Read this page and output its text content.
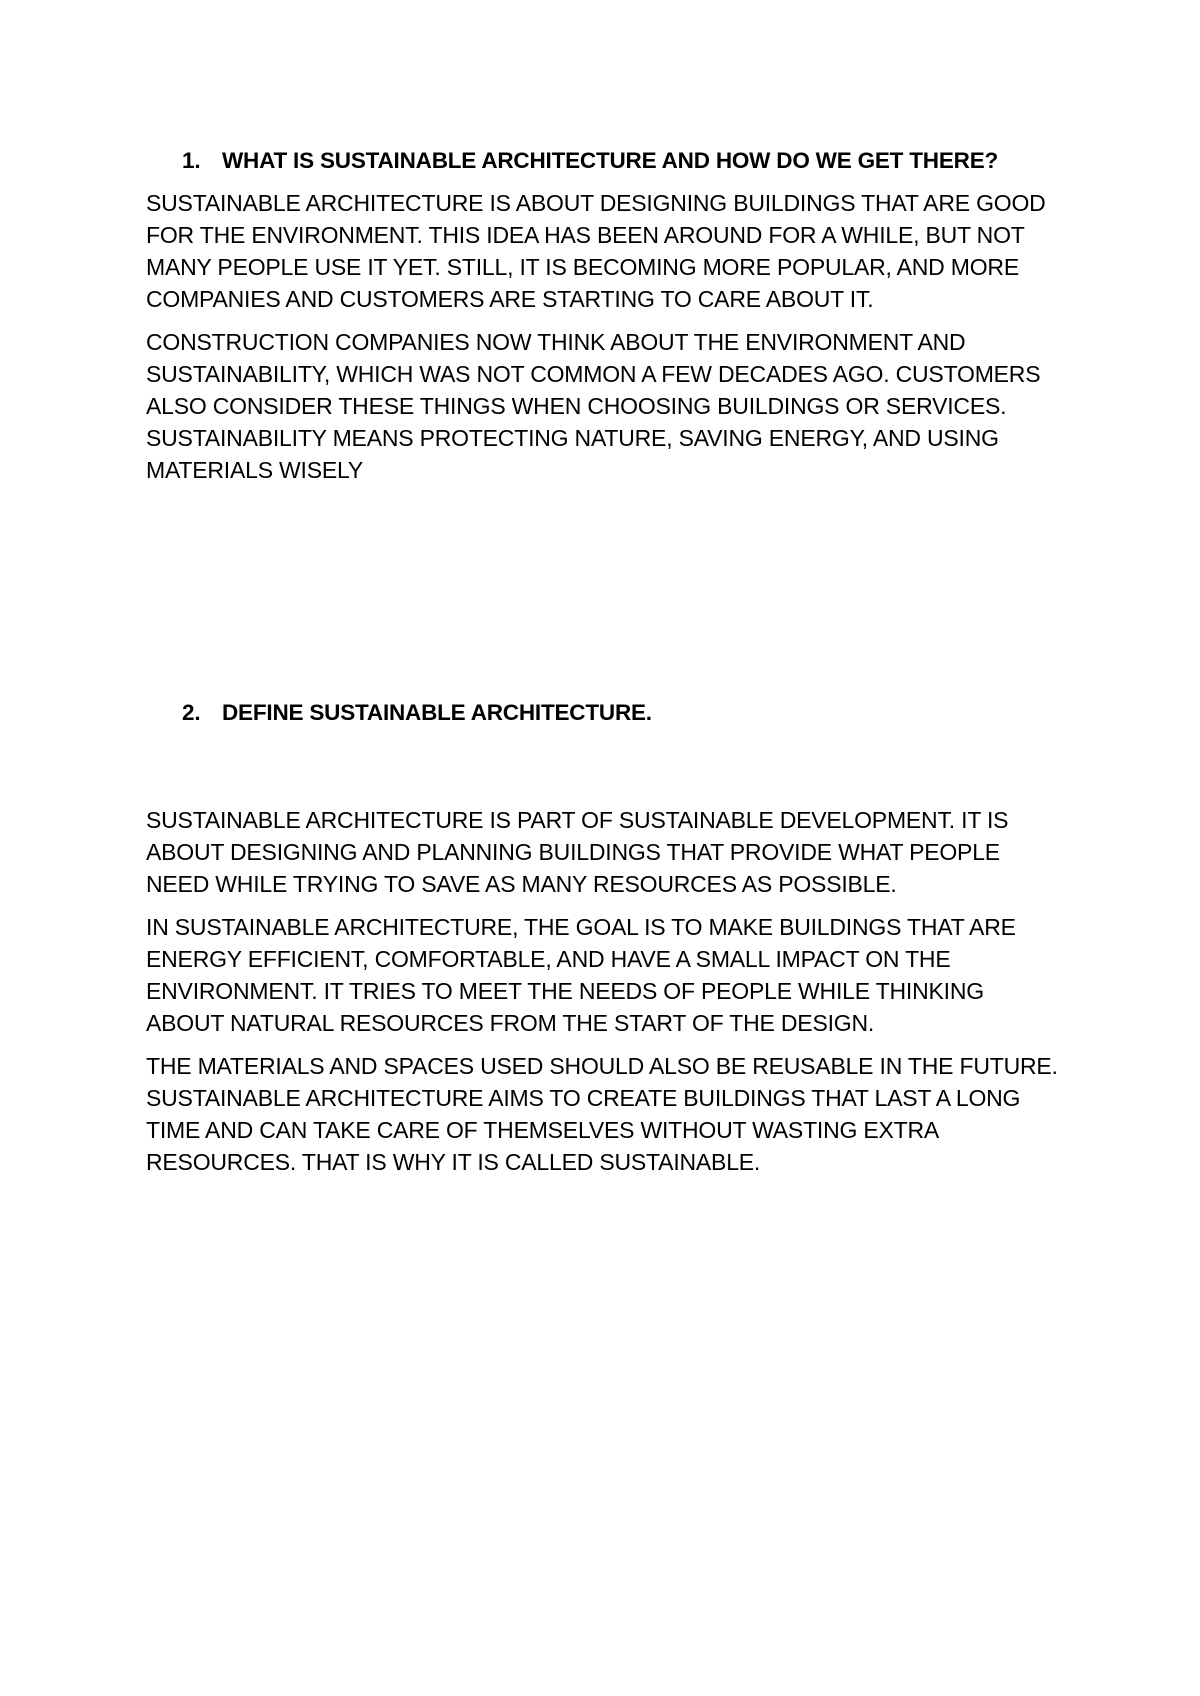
1. WHAT IS SUSTAINABLE ARCHITECTURE AND HOW DO WE GET THERE?

SUSTAINABLE ARCHITECTURE IS ABOUT DESIGNING BUILDINGS THAT ARE GOOD FOR THE ENVIRONMENT. THIS IDEA HAS BEEN AROUND FOR A WHILE, BUT NOT MANY PEOPLE USE IT YET. STILL, IT IS BECOMING MORE POPULAR, AND MORE COMPANIES AND CUSTOMERS ARE STARTING TO CARE ABOUT IT.

CONSTRUCTION COMPANIES NOW THINK ABOUT THE ENVIRONMENT AND SUSTAINABILITY, WHICH WAS NOT COMMON A FEW DECADES AGO. CUSTOMERS ALSO CONSIDER THESE THINGS WHEN CHOOSING BUILDINGS OR SERVICES. SUSTAINABILITY MEANS PROTECTING NATURE, SAVING ENERGY, AND USING MATERIALS WISELY

2. DEFINE SUSTAINABLE ARCHITECTURE.

SUSTAINABLE ARCHITECTURE IS PART OF SUSTAINABLE DEVELOPMENT. IT IS ABOUT DESIGNING AND PLANNING BUILDINGS THAT PROVIDE WHAT PEOPLE NEED WHILE TRYING TO SAVE AS MANY RESOURCES AS POSSIBLE.

IN SUSTAINABLE ARCHITECTURE, THE GOAL IS TO MAKE BUILDINGS THAT ARE ENERGY EFFICIENT, COMFORTABLE, AND HAVE A SMALL IMPACT ON THE ENVIRONMENT. IT TRIES TO MEET THE NEEDS OF PEOPLE WHILE THINKING ABOUT NATURAL RESOURCES FROM THE START OF THE DESIGN.

THE MATERIALS AND SPACES USED SHOULD ALSO BE REUSABLE IN THE FUTURE. SUSTAINABLE ARCHITECTURE AIMS TO CREATE BUILDINGS THAT LAST A LONG TIME AND CAN TAKE CARE OF THEMSELVES WITHOUT WASTING EXTRA RESOURCES. THAT IS WHY IT IS CALLED SUSTAINABLE.
